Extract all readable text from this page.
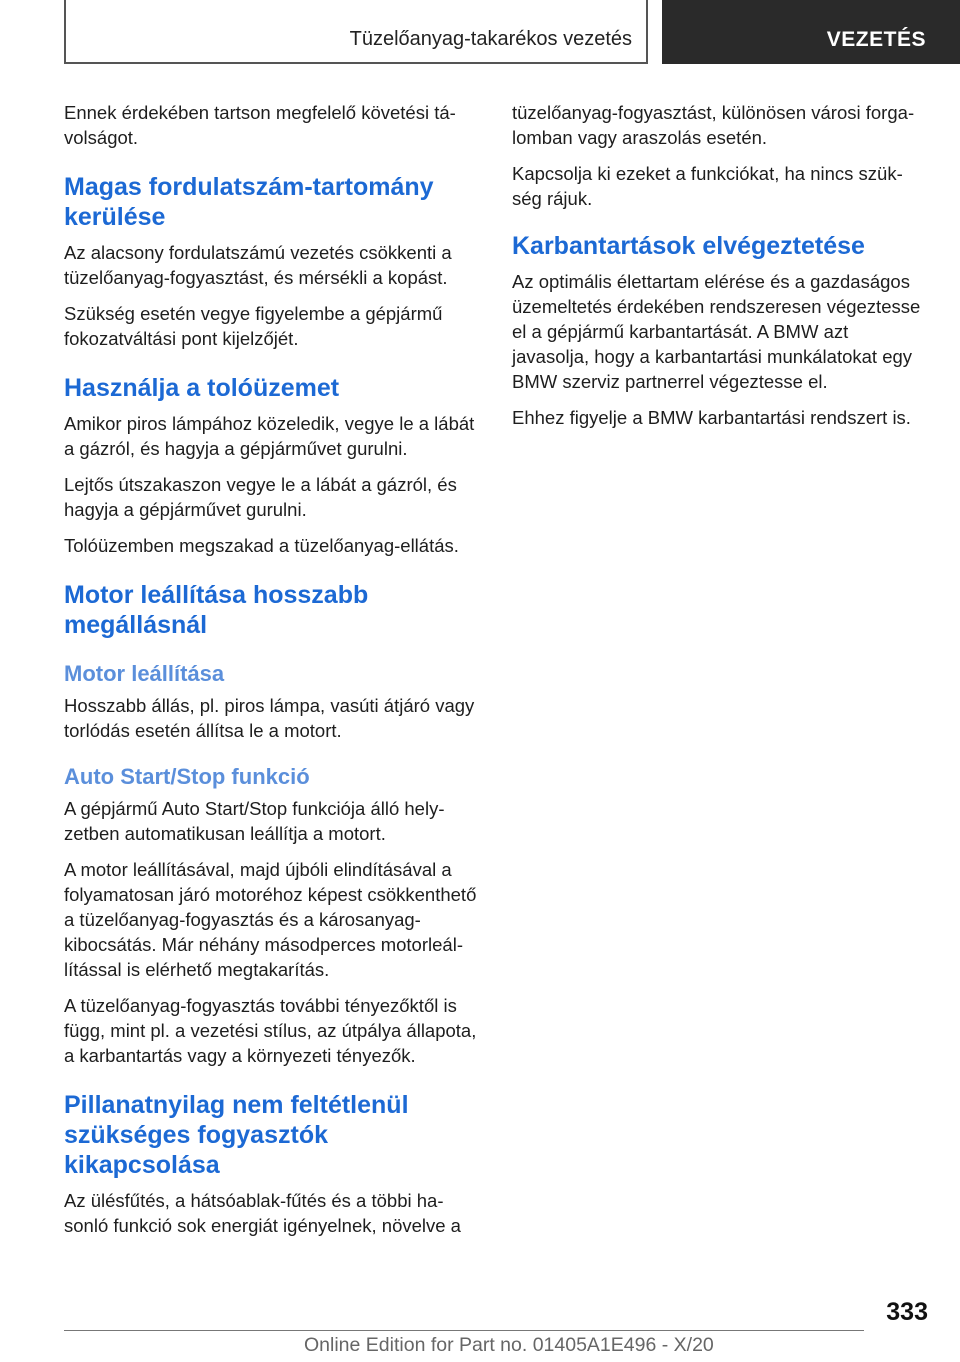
Tüzelőanyag-takarékos vezetés	VEZETÉS

Ennek érdekében tartson megfelelő követési távolságot.

Magas fordulatszám-tartomány kerülése

Az alacsony fordulatszámú vezetés csökkenti a tüzelőanyag-fogyasztást, és mérsékli a kopást.

Szükség esetén vegye figyelembe a gépjármű fokozatváltási pont kijelzőjét.

Használja a tolóüzemet

Amikor piros lámpához közeledik, vegye le a lábát a gázról, és hagyja a gépjárművet gurulni.

Lejtős útszakaszon vegye le a lábát a gázról, és hagyja a gépjárművet gurulni.

Tolóüzemben megszakad a tüzelőanyag-ellátás.

Motor leállítása hosszabb megállásnál
Motor leállítása

Hosszabb állás, pl. piros lámpa, vasúti átjáró vagy torlódás esetén állítsa le a motort.

Auto Start/Stop funkció

A gépjármű Auto Start/Stop funkciója álló helyzetben automatikusan leállítja a motort.

A motor leállításával, majd újbóli elindításával a folyamatosan járó motoréhoz képest csökkenthető a tüzelőanyag-fogyasztás és a károsanyag-kibocsátás. Már néhány másodperces motorleállítással is elérhető megtakarítás.

A tüzelőanyag-fogyasztás további tényezőktől is függ, mint pl. a vezetési stílus, az útpálya állapota, a karbantartás vagy a környezeti tényezők.

Pillanatnyilag nem feltétlenül szükséges fogyasztók kikapcsolása

Az ülésfűtés, a hátsóablak-fűtés és a többi hasonló funkció sok energiát igényelnek, növelve a

tüzelőanyag-fogyasztást, különösen városi forgalomban vagy araszolás esetén.

Kapcsolja ki ezeket a funkciókat, ha nincs szükség rájuk.

Karbantartások elvégeztetése

Az optimális élettartam elérése és a gazdaságos üzemeltetés érdekében rendszeresen végeztesse el a gépjármű karbantartását. A BMW azt javasolja, hogy a karbantartási munkálatokat egy BMW szerviz partnerrel végeztesse el.

Ehhez figyelje a BMW karbantartási rendszert is.

333
Online Edition for Part no. 01405A1E496 - X/20
